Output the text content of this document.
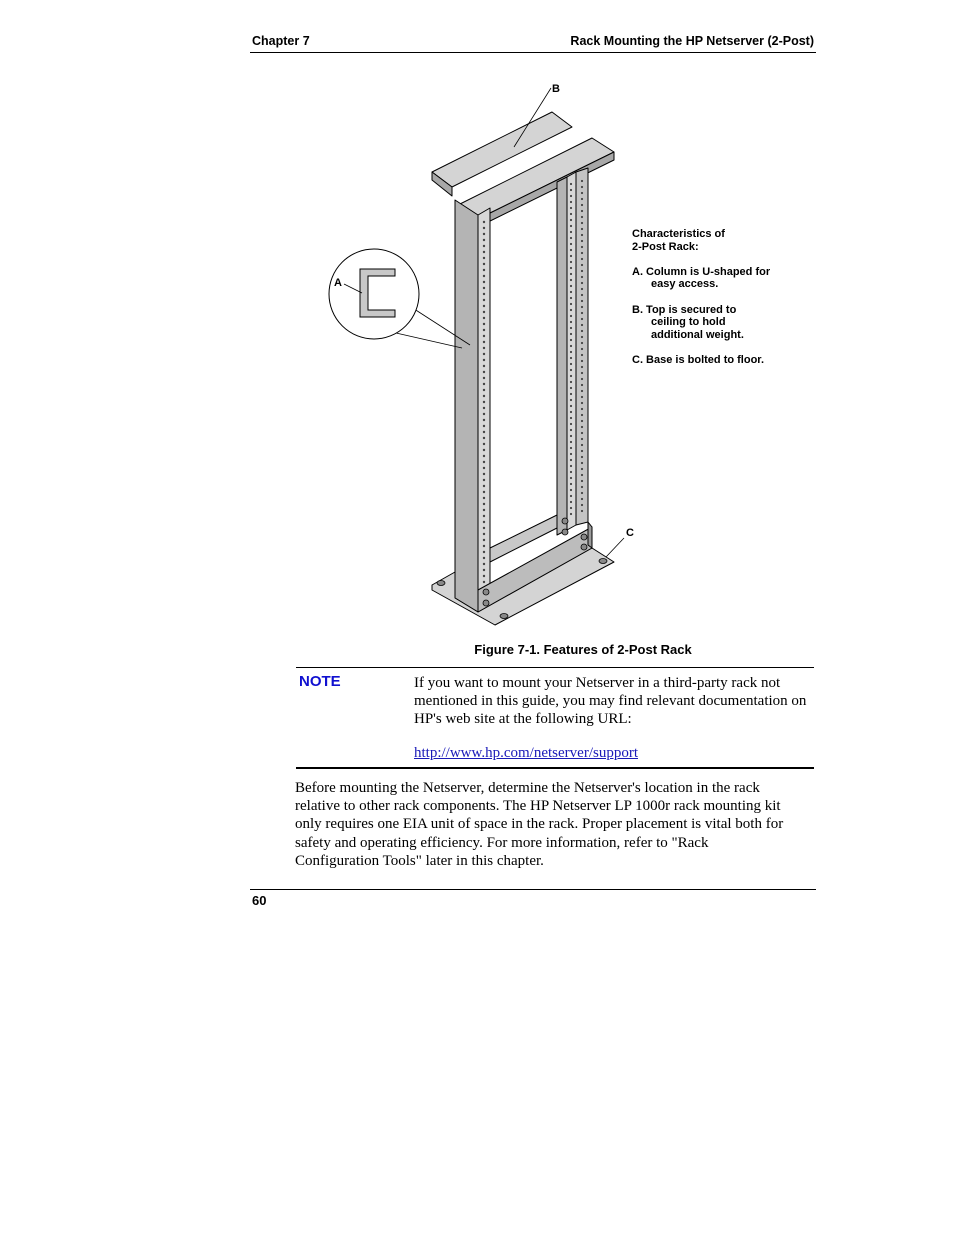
Chapter 7	Rack Mounting the HP Netserver (2-Post)
B
A
C

Characteristics of

2-Post Rack:

A. Column is U-shaped for

easy access.

B. Top is secured to

ceiling to hold

additional weight.

C. Base is bolted to floor.

Figure 7-1. Features of 2-Post Rack
NOTE	If you want to mount your Netserver in a third-party rack not mentioned in this guide, you may find relevant documentation on HP's web site at the following URL:

http://www.hp.com/netserver/support
Before mounting the Netserver, determine the Netserver's location in the rack
relative to other rack components. The HP Netserver LP 1000r rack mounting kit
only requires one EIA unit of space in the rack. Proper placement is vital both for
safety and operating efficiency. For more information, refer to "Rack
Configuration Tools" later in this chapter.
60
